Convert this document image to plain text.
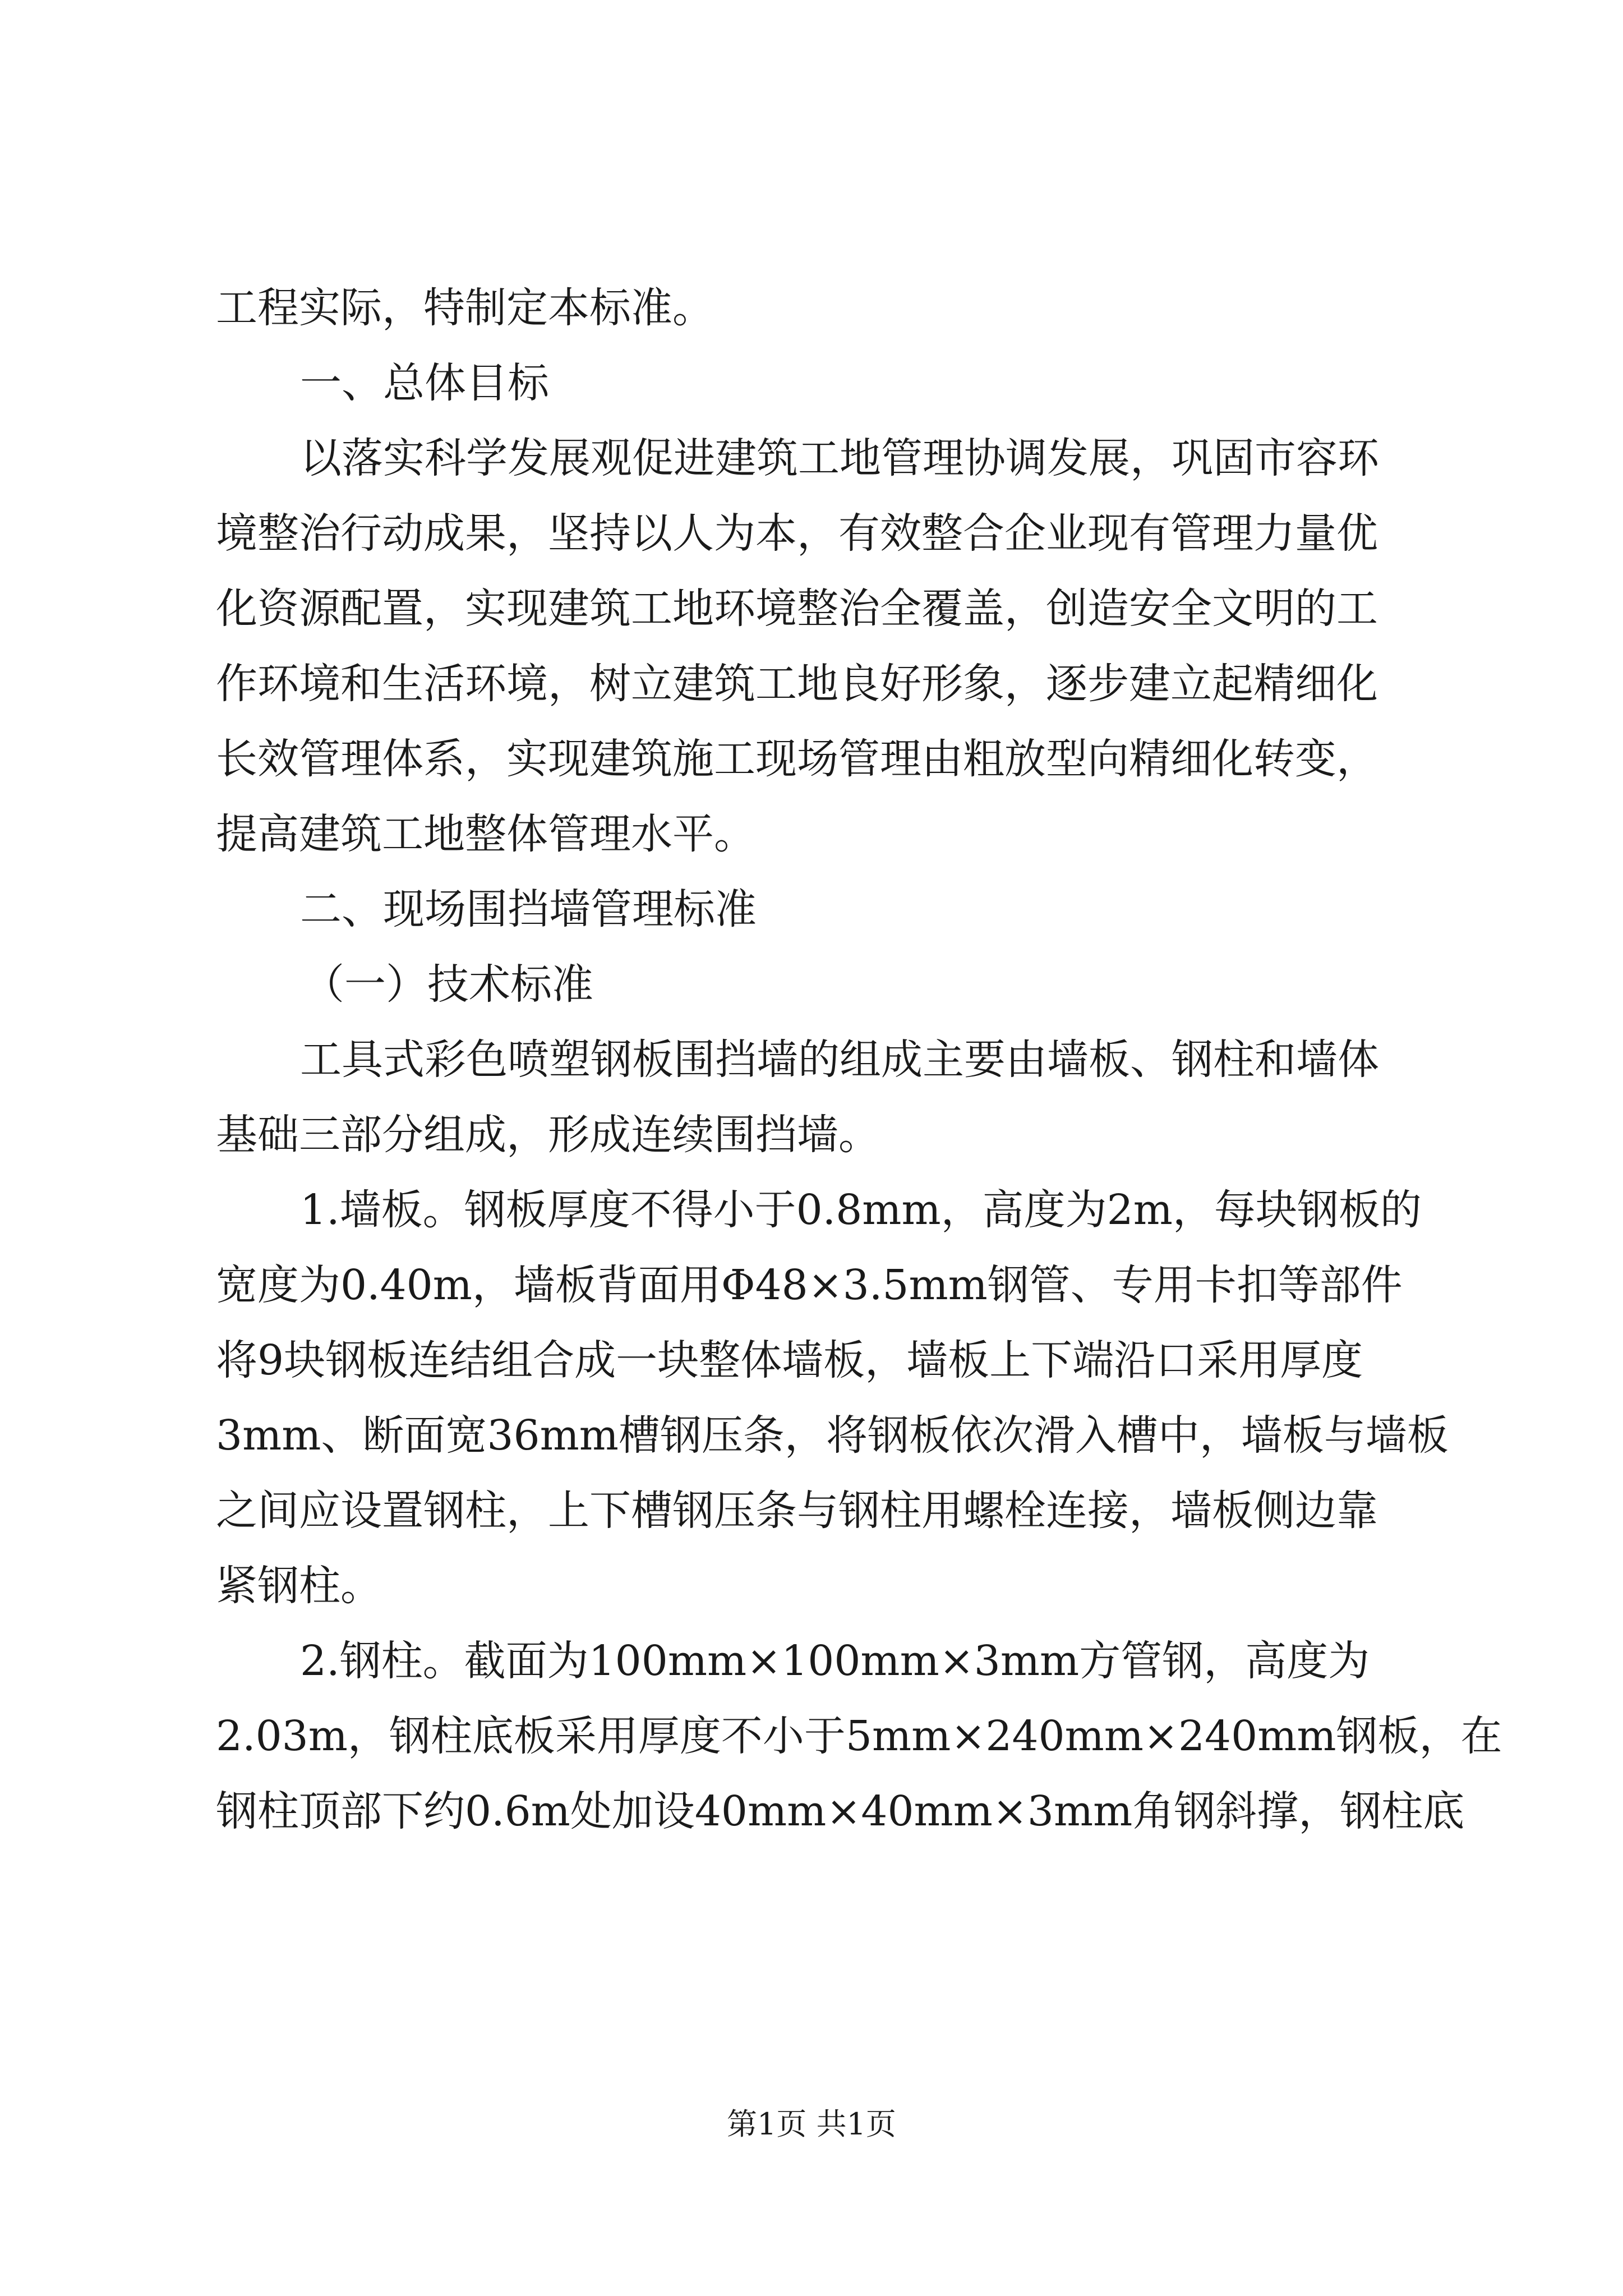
工程实际，特制定本标准。
一、总体目标
以落实科学发展观促进建筑工地管理协调发展，巩固市容环
境整治行动成果，坚持以人为本，有效整合企业现有管理力量优
化资源配置，实现建筑工地环境整治全覆盖，创造安全文明的工
作环境和生活环境，树立建筑工地良好形象，逐步建立起精细化
长效管理体系，实现建筑施工现场管理由粗放型向精细化转变，
提高建筑工地整体管理水平。
二、现场围挡墙管理标准
（一）技术标准
工具式彩色喷塑钢板围挡墙的组成主要由墙板、钢柱和墙体
基础三部分组成，形成连续围挡墙。
1.墙板。钢板厚度不得小于0.8mm，高度为2m，每块钢板的
宽度为0.40m，墙板背面用Φ48×3.5mm钢管、专用卡扣等部件
将9块钢板连结组合成一块整体墙板，墙板上下端沿口采用厚度
3mm、断面宽36mm槽钢压条，将钢板依次滑入槽中，墙板与墙板
之间应设置钢柱，上下槽钢压条与钢柱用螺栓连接，墙板侧边靠
紧钢柱。
2.钢柱。截面为100mm×100mm×3mm方管钢，高度为
2.03m，钢柱底板采用厚度不小于5mm×240mm×240mm钢板，在
钢柱顶部下约0.6m处加设40mm×40mm×3mm角钢斜撑，钢柱底
第1页 共1页
